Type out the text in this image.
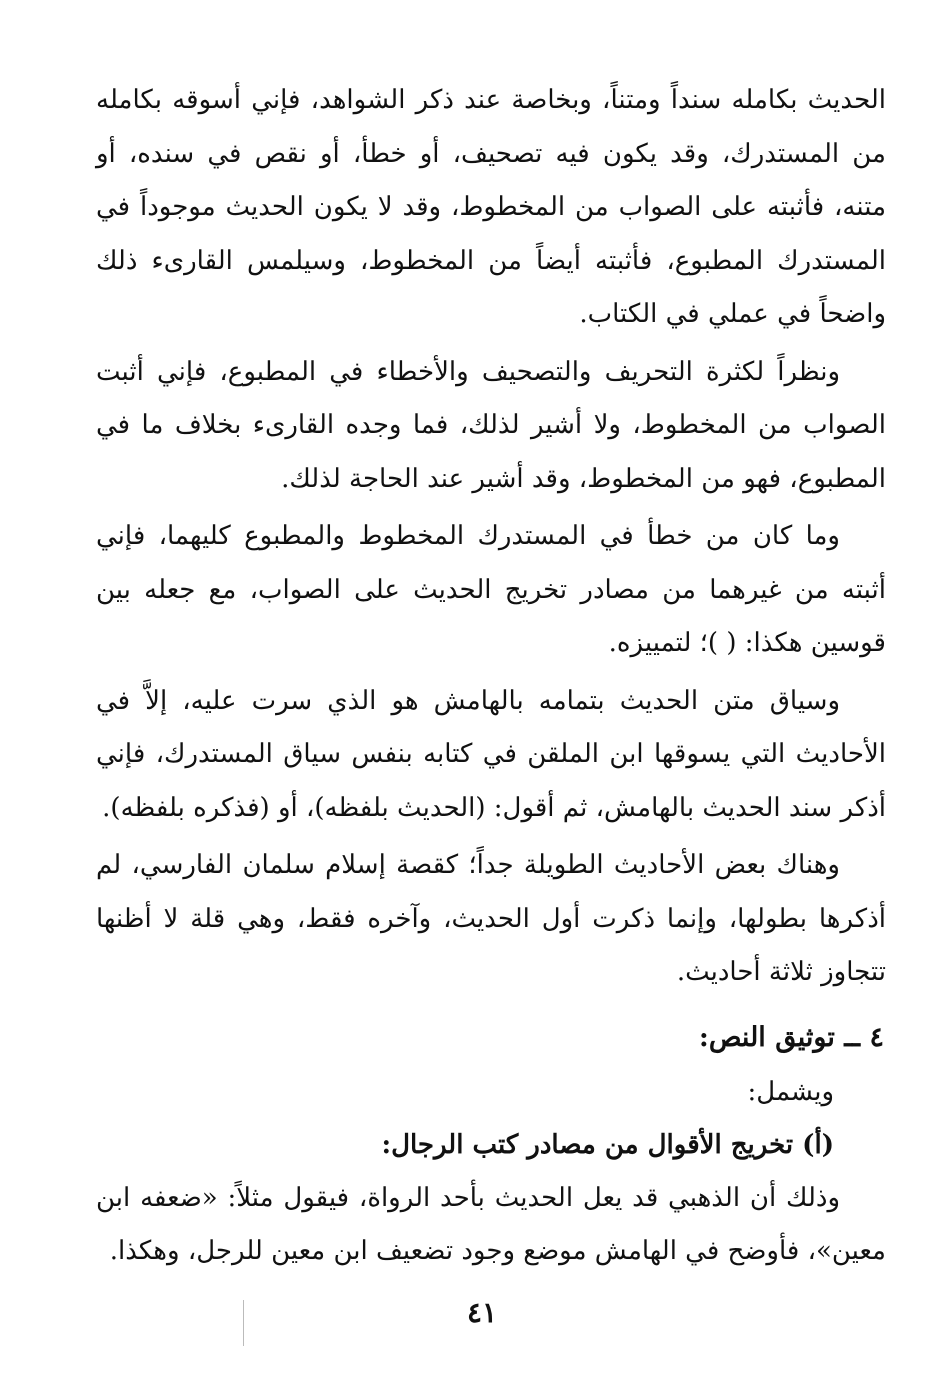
الحديث بكامله سنداً ومتناً، وبخاصة عند ذكر الشواهد، فإني أسوقه بكامله من المستدرك، وقد يكون فيه تصحيف، أو خطأ، أو نقص في سنده، أو متنه، فأثبته على الصواب من المخطوط، وقد لا يكون الحديث موجوداً في المستدرك المطبوع، فأثبته أيضاً من المخطوط، وسيلمس القارىء ذلك واضحاً في عملي في الكتاب.

ونظراً لكثرة التحريف والتصحيف والأخطاء في المطبوع، فإني أثبت الصواب من المخطوط، ولا أشير لذلك، فما وجده القارىء بخلاف ما في المطبوع، فهو من المخطوط، وقد أشير عند الحاجة لذلك.

وما كان من خطأ في المستدرك المخطوط والمطبوع كليهما، فإني أثبته من غيرهما من مصادر تخريج الحديث على الصواب، مع جعله بين قوسين هكذا: ( )؛ لتمييزه.

وسياق متن الحديث بتمامه بالهامش هو الذي سرت عليه، إلاَّ في الأحاديث التي يسوقها ابن الملقن في كتابه بنفس سياق المستدرك، فإني أذكر سند الحديث بالهامش، ثم أقول: (الحديث بلفظه)، أو (فذكره بلفظه).

وهناك بعض الأحاديث الطويلة جداً؛ كقصة إسلام سلمان الفارسي، لم أذكرها بطولها، وإنما ذكرت أول الحديث، وآخره فقط، وهي قلة لا أظنها تتجاوز ثلاثة أحاديث.

٤ ــ توثيق النص:

ويشمل:

(أ) تخريج الأقوال من مصادر كتب الرجال:

وذلك أن الذهبي قد يعل الحديث بأحد الرواة، فيقول مثلاً: «ضعفه ابن معين»، فأوضح في الهامش موضع وجود تضعيف ابن معين للرجل، وهكذا.

٤١
